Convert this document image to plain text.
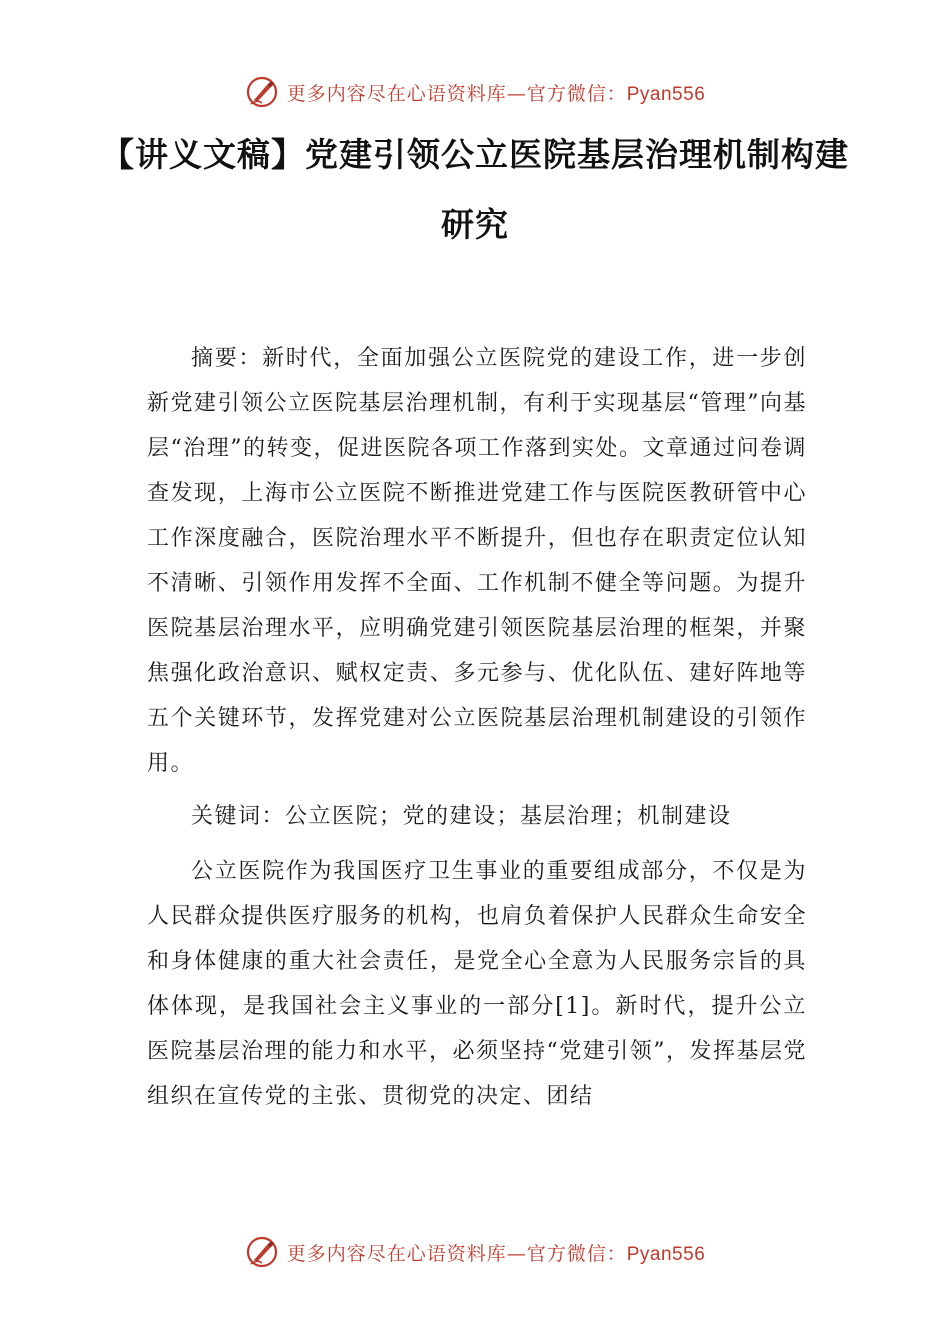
更多内容尽在心语资料库—官方微信：Pyan556
【讲义文稿】党建引领公立医院基层治理机制构建研究

摘要：新时代，全面加强公立医院党的建设工作，进一步创新党建引领公立医院基层治理机制，有利于实现基层“管理”向基层“治理”的转变，促进医院各项工作落到实处。文章通过问卷调查发现，上海市公立医院不断推进党建工作与医院医教研管中心工作深度融合，医院治理水平不断提升，但也存在职责定位认知不清晰、引领作用发挥不全面、工作机制不健全等问题。为提升医院基层治理水平，应明确党建引领医院基层治理的框架，并聚焦强化政治意识、赋权定责、多元参与、优化队伍、建好阵地等五个关键环节，发挥党建对公立医院基层治理机制建设的引领作用。

关键词：公立医院；党的建设；基层治理；机制建设

公立医院作为我国医疗卫生事业的重要组成部分，不仅是为人民群众提供医疗服务的机构，也肩负着保护人民群众生命安全和身体健康的重大社会责任，是党全心全意为人民服务宗旨的具体体现，是我国社会主义事业的一部分[1]。新时代，提升公立医院基层治理的能力和水平，必须坚持“党建引领”，发挥基层党组织在宣传党的主张、贯彻党的决定、团结

更多内容尽在心语资料库—官方微信：Pyan556
